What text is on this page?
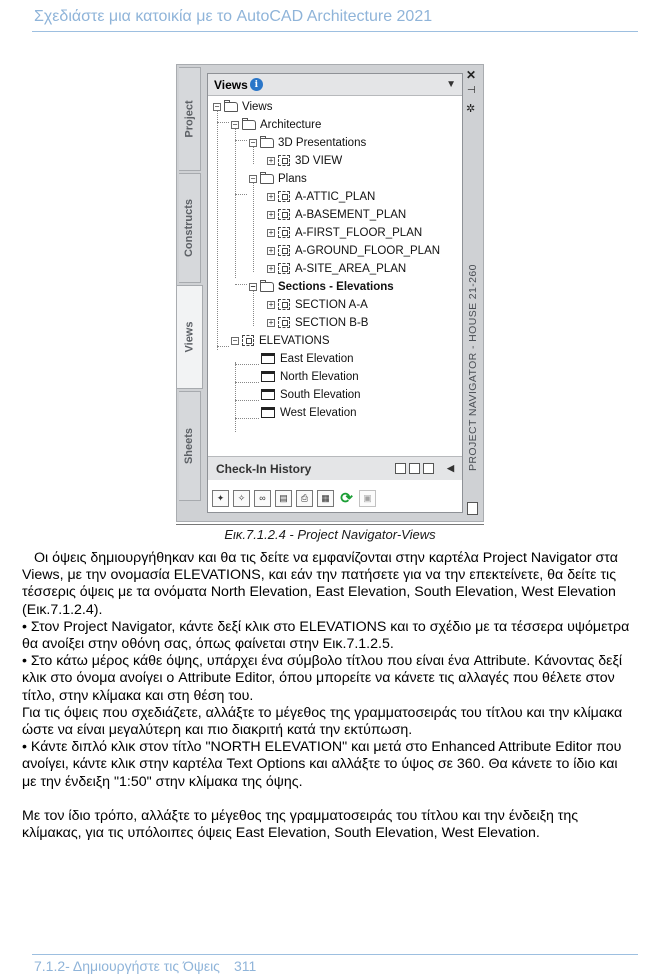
Σχεδιάστε μια κατοικία με το AutoCAD Architecture 2021
Project
Constructs
Views
Sheets
Views i	▼
− Views
− Architecture
− 3D Presentations
+ 3D VIEW
− Plans
+ A-ATTIC_PLAN
+ A-BASEMENT_PLAN
+ A-FIRST_FLOOR_PLAN
+ A-GROUND_FLOOR_PLAN
+ A-SITE_AREA_PLAN
− Sections - Elevations
+ SECTION A-A
+ SECTION B-B
− ELEVATIONS
East Elevation
North Elevation
South Elevation
West Elevation
Check-In History	◀
✦	✧	∞	▤	⎙	▦ ⟳	▣
✕
⊣
✲
PROJECT NAVIGATOR - HOUSE 21-260
Εικ.7.1.2.4 - Project Navigator-Views

Οι όψεις δημιουργήθηκαν και θα τις δείτε να εμφανίζονται στην καρτέλα Project Navigator στα Views, με την ονομασία ELEVATIONS, και εάν την πατήσετε για να την επεκτείνετε, θα δείτε τις τέσσερις όψεις με τα ονόματα North Elevation, East Elevation, South Elevation, West Elevation (Εικ.7.1.2.4).

• Στον Project Navigator, κάντε δεξί κλικ στο ELEVATIONS και το σχέδιο με τα τέσσερα υψόμετρα θα ανοίξει στην οθόνη σας, όπως φαίνεται στην Εικ.7.1.2.5.

• Στο κάτω μέρος κάθε όψης, υπάρχει ένα σύμβολο τίτλου που είναι ένα Attribute. Κάνοντας δεξί κλικ στο όνομα ανοίγει ο Attribute Editor, όπου μπορείτε να κάνετε τις αλλαγές που θέλετε στον τίτλο, στην κλίμακα και στη θέση του.

Για τις όψεις που σχεδιάζετε, αλλάξτε το μέγεθος της γραμματοσειράς του τίτλου και την κλίμακα ώστε να είναι μεγαλύτερη και πιο διακριτή κατά την εκτύπωση.

• Κάντε διπλό κλικ στον τίτλο "NORTH ELEVATION" και μετά στο Enhanced Attribute Editor που ανοίγει, κάντε κλικ στην καρτέλα Text Options και αλλάξτε το ύψος σε 360. Θα κάνετε το ίδιο και με την ένδειξη "1:50" στην κλίμακα της όψης.

Με τον ίδιο τρόπο, αλλάξτε το μέγεθος της γραμματοσειράς του τίτλου και την ένδειξη της κλίμακας, για τις υπόλοιπες όψεις East Elevation, South Elevation, West Elevation.

7.1.2- Δημιουργήστε τις Όψεις 311
